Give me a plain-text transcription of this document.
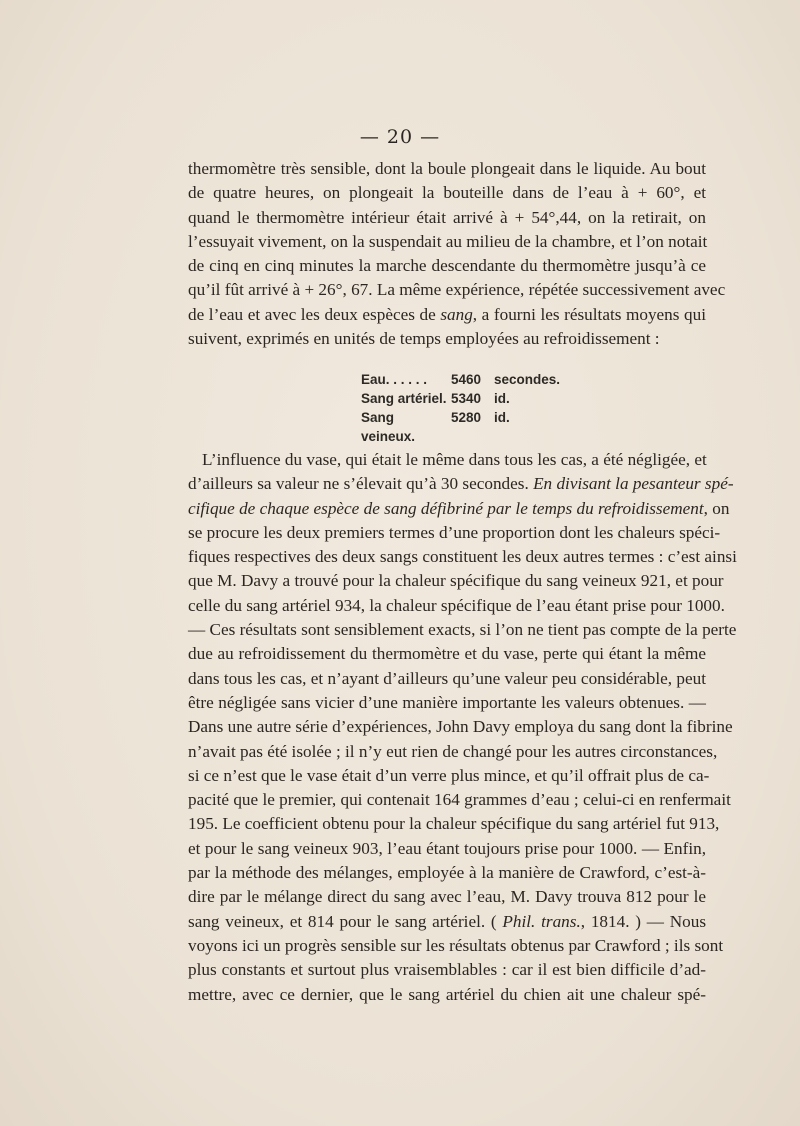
— 20 —
thermomètre très sensible, dont la boule plongeait dans le liquide. Au bout
de quatre heures, on plongeait la bouteille dans de l’eau à + 60°, et
quand le thermomètre intérieur était arrivé à + 54°,44, on la retirait, on
l’essuyait vivement, on la suspendait au milieu de la chambre, et l’on notait
de cinq en cinq minutes la marche descendante du thermomètre jusqu’à ce
qu’il fût arrivé à + 26°, 67. La même expérience, répétée successivement avec
de l’eau et avec les deux espèces de sang, a fourni les résultats moyens qui
suivent, exprimés en unités de temps employées au refroidissement :
Eau. . . . . .	5460 secondes.
Sang artériel. 5340 id.
Sang veineux.
5280 id.
L’influence du vase, qui était le même dans tous les cas, a été négligée, et
d’ailleurs sa valeur ne s’élevait qu’à 30 secondes. En divisant la pesanteur spé-
cifique de chaque espèce de sang défibriné par le temps du refroidissement, on
se procure les deux premiers termes d’une proportion dont les chaleurs spéci-
fiques respectives des deux sangs constituent les deux autres termes : c’est ainsi
que M. Davy a trouvé pour la chaleur spécifique du sang veineux 921, et pour
celle du sang artériel 934, la chaleur spécifique de l’eau étant prise pour 1000.
— Ces résultats sont sensiblement exacts, si l’on ne tient pas compte de la perte
due au refroidissement du thermomètre et du vase, perte qui étant la même
dans tous les cas, et n’ayant d’ailleurs qu’une valeur peu considérable, peut
être négligée sans vicier d’une manière importante les valeurs obtenues. —
Dans une autre série d’expériences, John Davy employa du sang dont la fibrine
n’avait pas été isolée ; il n’y eut rien de changé pour les autres circonstances,
si ce n’est que le vase était d’un verre plus mince, et qu’il offrait plus de ca-
pacité que le premier, qui contenait 164 grammes d’eau ; celui-ci en renfermait
195. Le coefficient obtenu pour la chaleur spécifique du sang artériel fut 913,
et pour le sang veineux 903, l’eau étant toujours prise pour 1000. — Enfin,
par la méthode des mélanges, employée à la manière de Crawford, c’est-à-
dire par le mélange direct du sang avec l’eau, M. Davy trouva 812 pour le
sang veineux, et 814 pour le sang artériel. ( Phil. trans., 1814. ) — Nous
voyons ici un progrès sensible sur les résultats obtenus par Crawford ; ils sont
plus constants et surtout plus vraisemblables : car il est bien difficile d’ad-
mettre, avec ce dernier, que le sang artériel du chien ait une chaleur spé-
